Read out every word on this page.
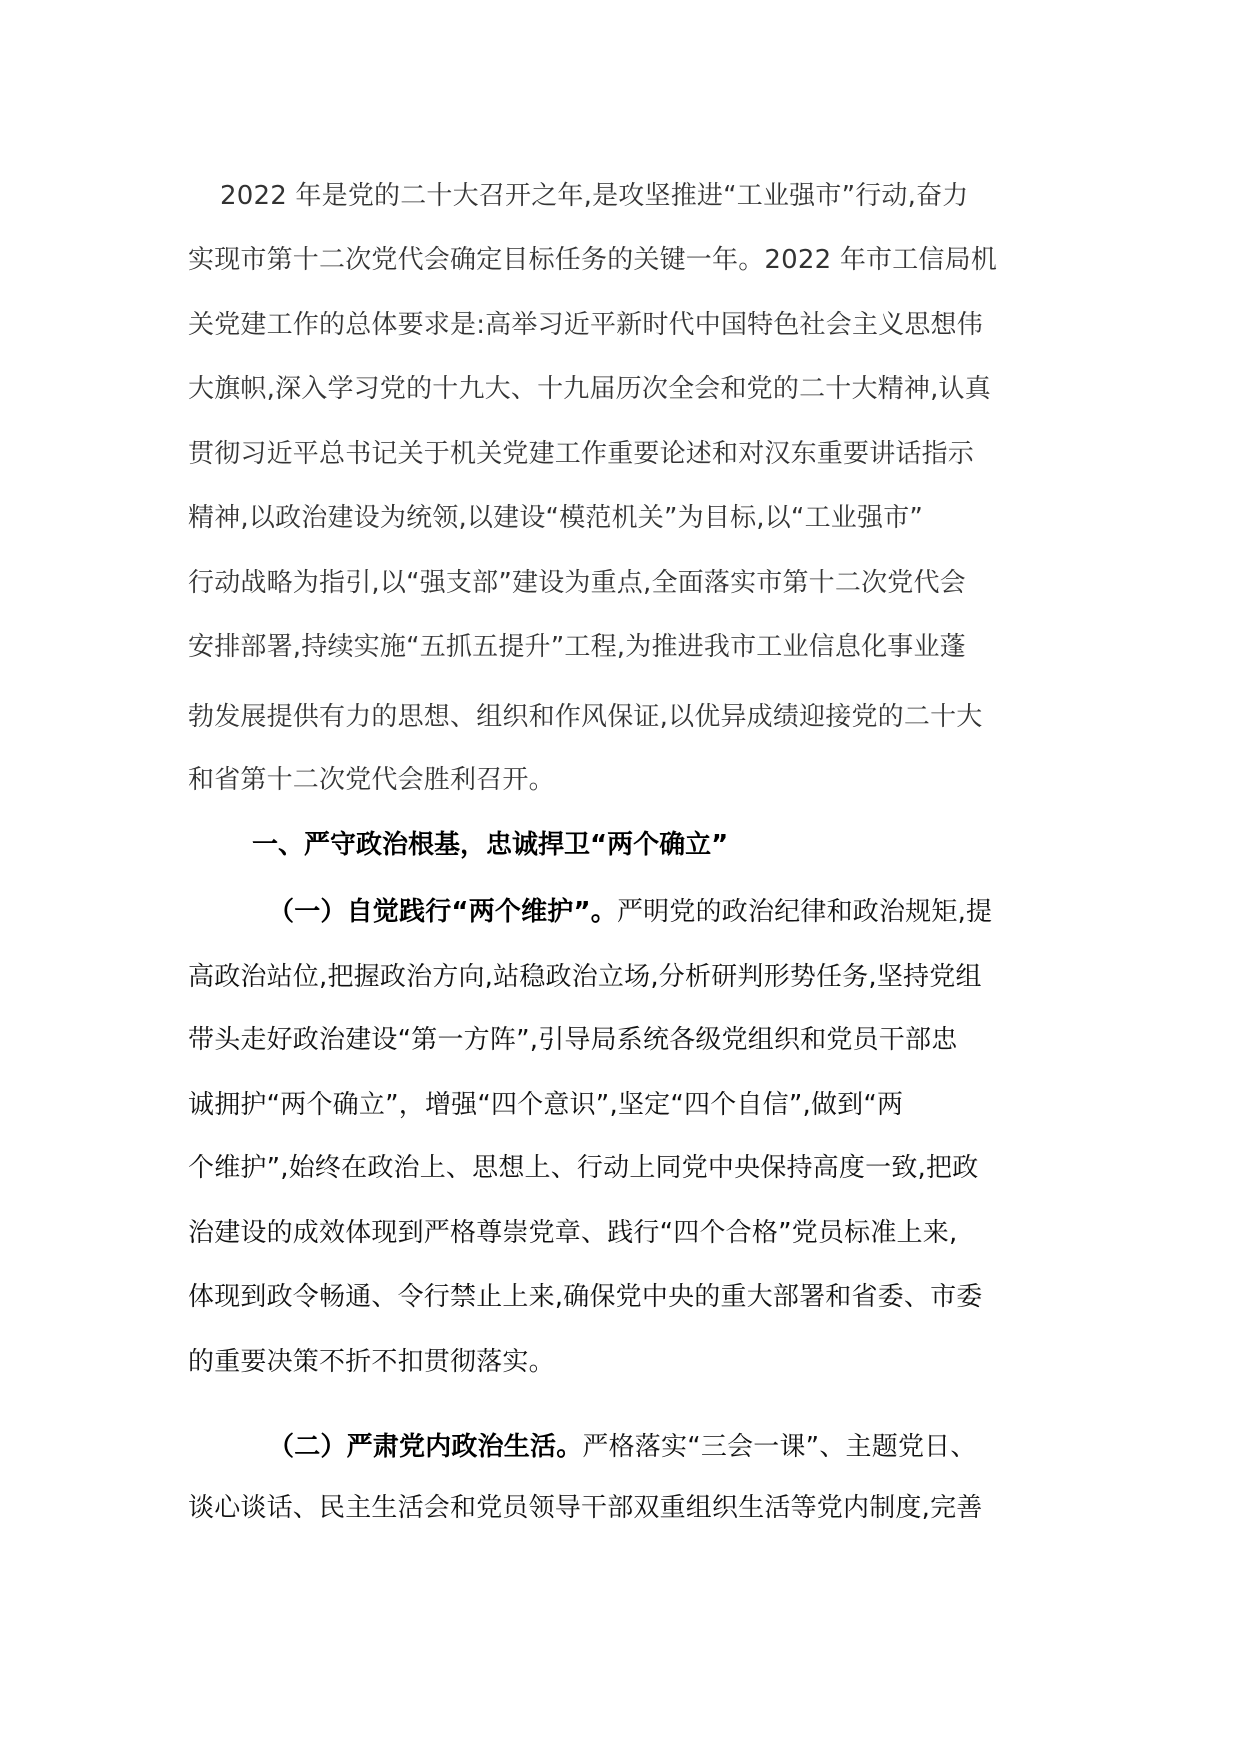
2022 年是党的二十大召开之年,是攻坚推进“工业强市”行动,奋力
实现市第十二次党代会确定目标任务的关键一年。2022 年市工信局机
关党建工作的总体要求是:高举习近平新时代中国特色社会主义思想伟
大旗帜,深入学习党的十九大、十九届历次全会和党的二十大精神,认真
贯彻习近平总书记关于机关党建工作重要论述和对汉东重要讲话指示
精神,以政治建设为统领,以建设“模范机关”为目标,以“工业强市”
行动战略为指引,以“强支部”建设为重点,全面落实市第十二次党代会
安排部署,持续实施“五抓五提升”工程,为推进我市工业信息化事业蓬
勃发展提供有力的思想、组织和作风保证,以优异成绩迎接党的二十大
和省第十二次党代会胜利召开。
一、严守政治根基，忠诚捍卫“两个确立”
（一）自觉践行“两个维护”。严明党的政治纪律和政治规矩,提
高政治站位,把握政治方向,站稳政治立场,分析研判形势任务,坚持党组
带头走好政治建设“第一方阵”,引导局系统各级党组织和党员干部忠
诚拥护“两个确立”，增强“四个意识”,坚定“四个自信”,做到“两
个维护”,始终在政治上、思想上、行动上同党中央保持高度一致,把政
治建设的成效体现到严格尊崇党章、践行“四个合格”党员标准上来,
体现到政令畅通、令行禁止上来,确保党中央的重大部署和省委、市委
的重要决策不折不扣贯彻落实。
（二）严肃党内政治生活。严格落实“三会一课”、主题党日、
谈心谈话、民主生活会和党员领导干部双重组织生活等党内制度,完善
